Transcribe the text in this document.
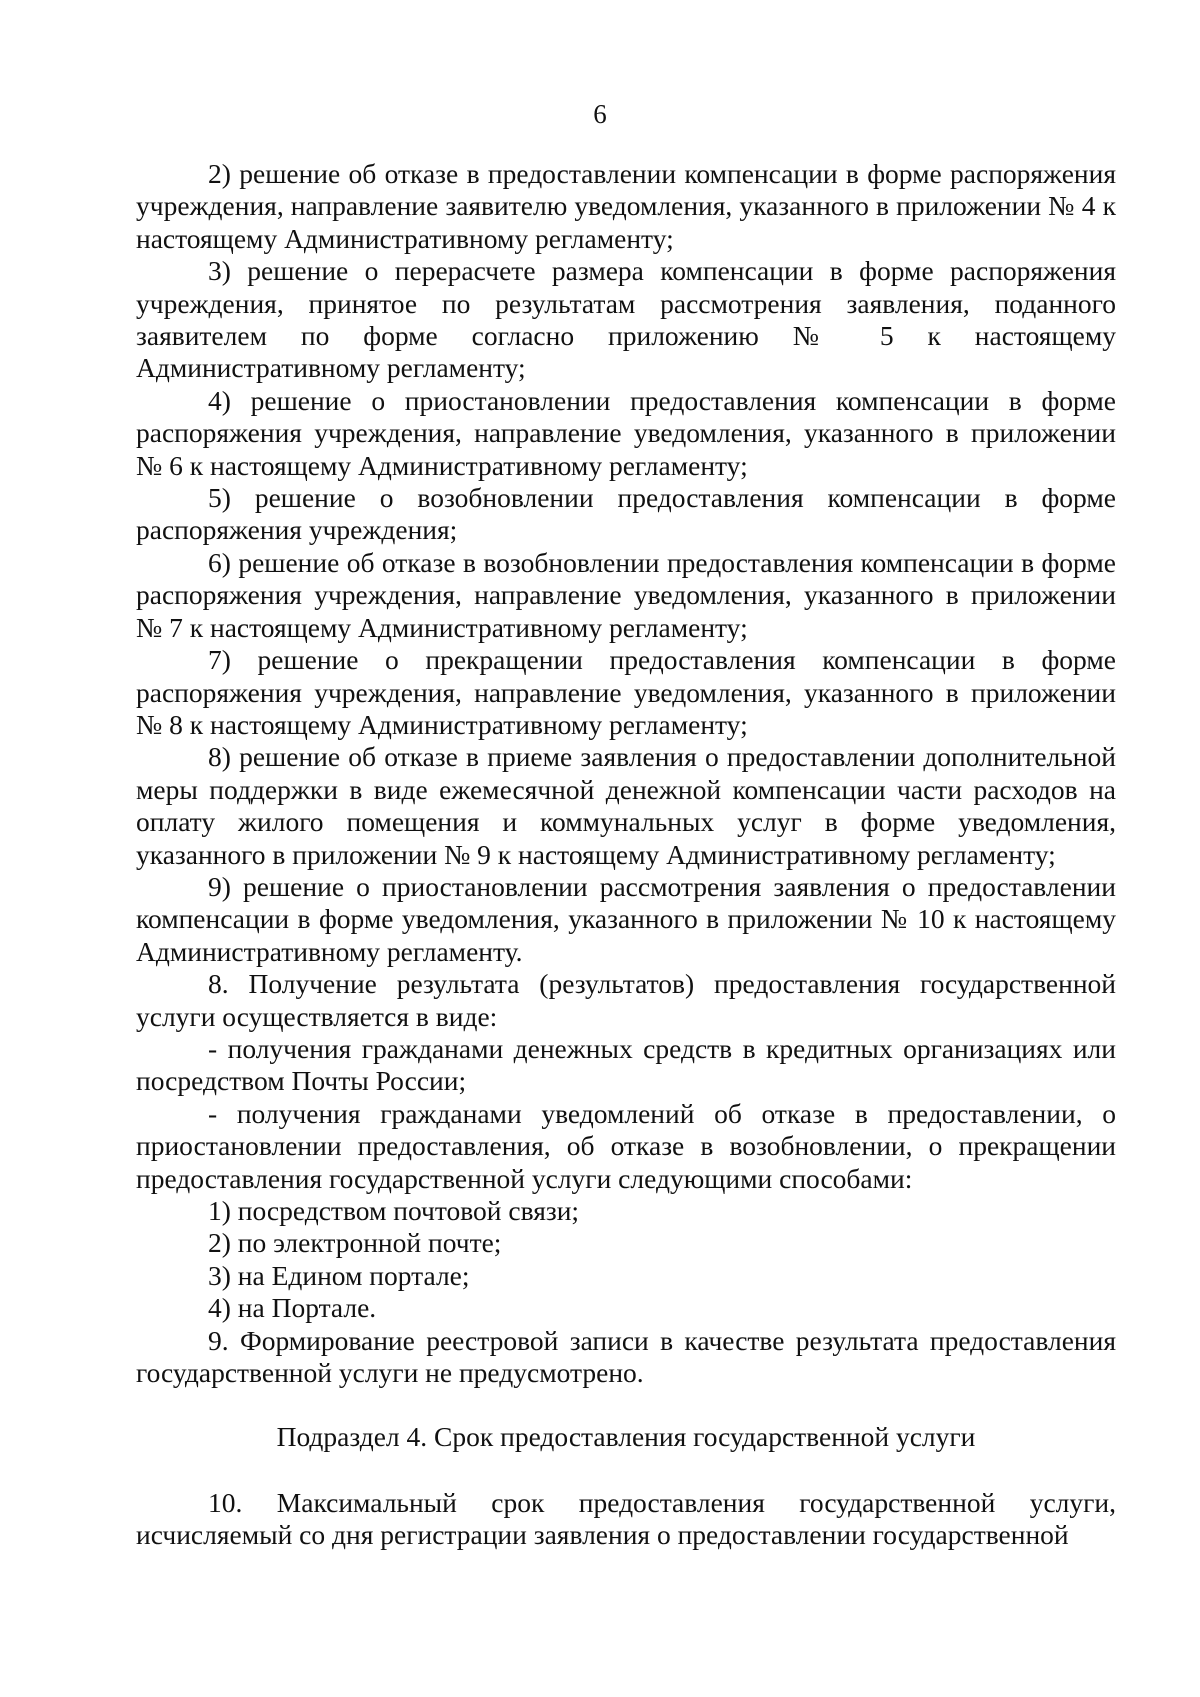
6

2) решение об отказе в предоставлении компенсации в форме распоряжения учреждения, направление заявителю уведомления, указанного в приложении № 4 к настоящему Административному регламенту;

3) решение о перерасчете размера компенсации в форме распоряжения учреждения, принятое по результатам рассмотрения заявления, поданного заявителем по форме согласно приложению № 5 к настоящему Административному регламенту;

4) решение о приостановлении предоставления компенсации в форме распоряжения учреждения, направление уведомления, указанного в приложении № 6 к настоящему Административному регламенту;

5) решение о возобновлении предоставления компенсации в форме распоряжения учреждения;

6) решение об отказе в возобновлении предоставления компенсации в форме распоряжения учреждения, направление уведомления, указанного в приложении № 7 к настоящему Административному регламенту;

7) решение о прекращении предоставления компенсации в форме распоряжения учреждения, направление уведомления, указанного в приложении № 8 к настоящему Административному регламенту;

8) решение об отказе в приеме заявления о предоставлении дополнительной меры поддержки в виде ежемесячной денежной компенсации части расходов на оплату жилого помещения и коммунальных услуг в форме уведомления, указанного в приложении № 9 к настоящему Административному регламенту;

9) решение о приостановлении рассмотрения заявления о предоставлении компенсации в форме уведомления, указанного в приложении № 10 к настоящему Административному регламенту.

8. Получение результата (результатов) предоставления государственной услуги осуществляется в виде:

- получения гражданами денежных средств в кредитных организациях или посредством Почты России;

- получения гражданами уведомлений об отказе в предоставлении, о приостановлении предоставления, об отказе в возобновлении, о прекращении предоставления государственной услуги следующими способами:

1) посредством почтовой связи;

2) по электронной почте;

3) на Едином портале;

4) на Портале.

9. Формирование реестровой записи в качестве результата предоставления государственной услуги не предусмотрено.

Подраздел 4. Срок предоставления государственной услуги

10. Максимальный срок предоставления государственной услуги, исчисляемый со дня регистрации заявления о предоставлении государственной
